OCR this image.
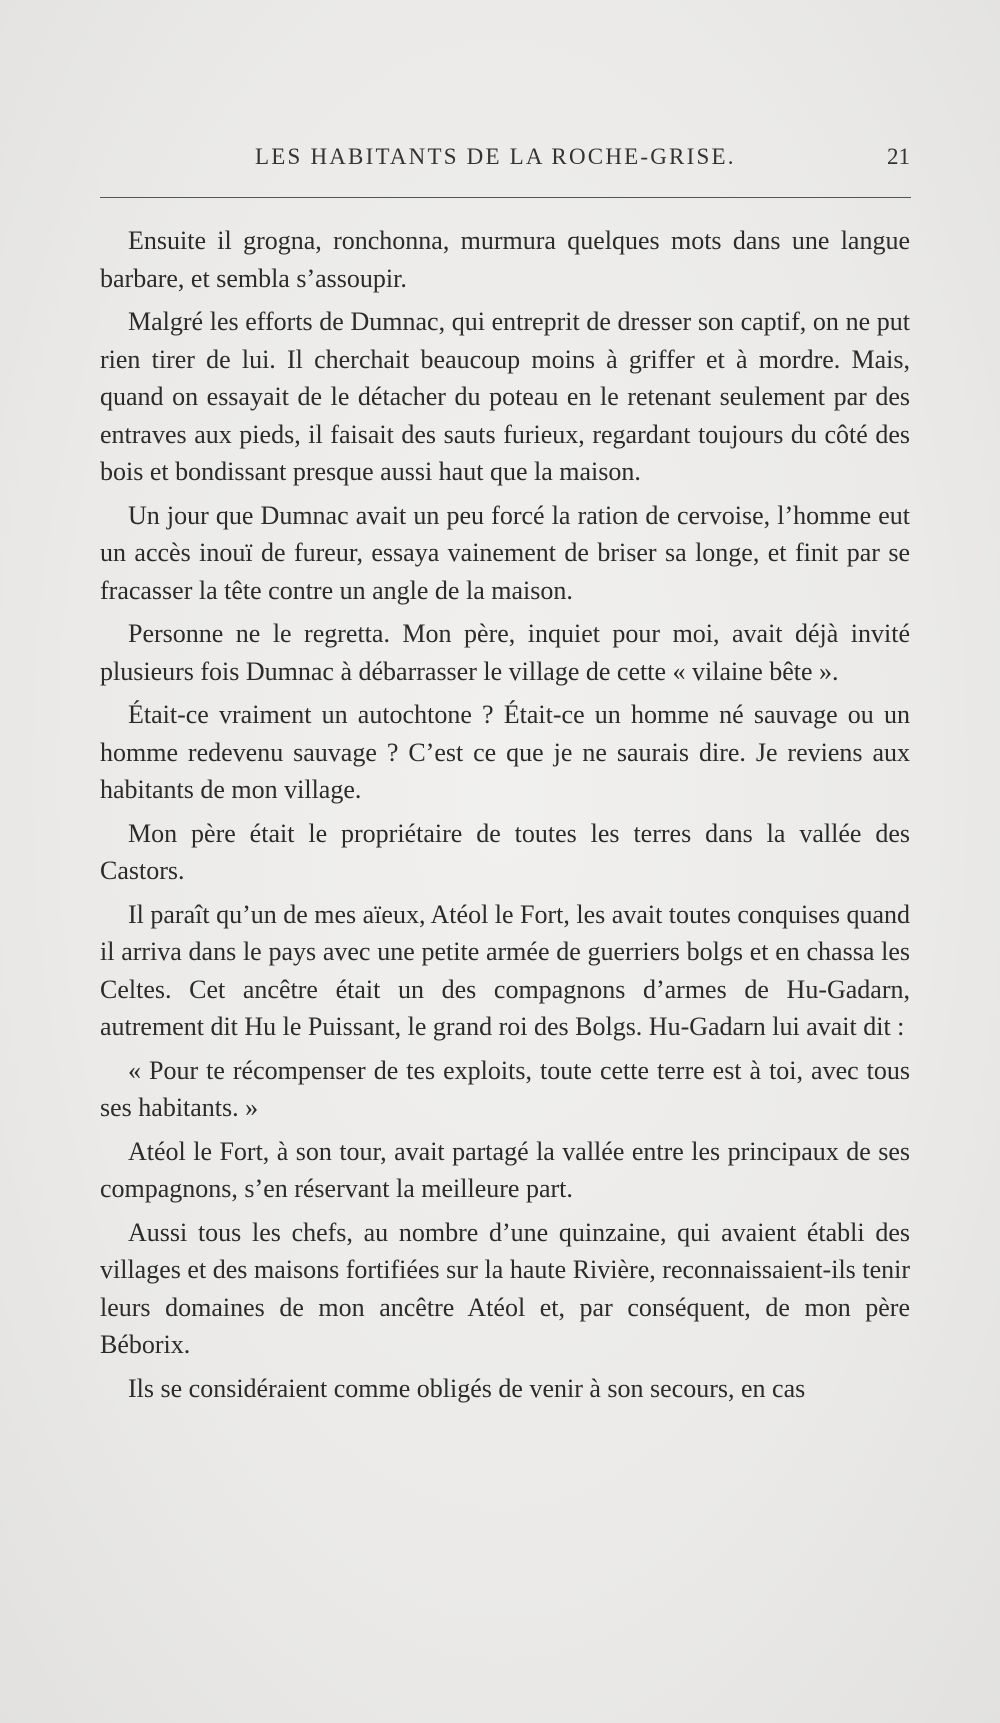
LES HABITANTS DE LA ROCHE-GRISE.	21

Ensuite il grogna, ronchonna, murmura quelques mots dans une langue barbare, et sembla s’assoupir.

Malgré les efforts de Dumnac, qui entreprit de dresser son captif, on ne put rien tirer de lui. Il cherchait beaucoup moins à griffer et à mordre. Mais, quand on essayait de le détacher du poteau en le retenant seulement par des entraves aux pieds, il faisait des sauts furieux, regardant toujours du côté des bois et bondissant presque aussi haut que la maison.

Un jour que Dumnac avait un peu forcé la ration de cervoise, l’homme eut un accès inouï de fureur, essaya vainement de briser sa longe, et finit par se fracasser la tête contre un angle de la maison.

Personne ne le regretta. Mon père, inquiet pour moi, avait déjà invité plusieurs fois Dumnac à débarrasser le village de cette « vilaine bête ».

Était-ce vraiment un autochtone ? Était-ce un homme né sauvage ou un homme redevenu sauvage ? C’est ce que je ne saurais dire. Je reviens aux habitants de mon village.

Mon père était le propriétaire de toutes les terres dans la vallée des Castors.

Il paraît qu’un de mes aïeux, Atéol le Fort, les avait toutes conquises quand il arriva dans le pays avec une petite armée de guerriers bolgs et en chassa les Celtes. Cet ancêtre était un des compagnons d’armes de Hu-Gadarn, autrement dit Hu le Puissant, le grand roi des Bolgs. Hu-Gadarn lui avait dit :

« Pour te récompenser de tes exploits, toute cette terre est à toi, avec tous ses habitants. »

Atéol le Fort, à son tour, avait partagé la vallée entre les principaux de ses compagnons, s’en réservant la meilleure part.

Aussi tous les chefs, au nombre d’une quinzaine, qui avaient établi des villages et des maisons fortifiées sur la haute Rivière, reconnaissaient-ils tenir leurs domaines de mon ancêtre Atéol et, par conséquent, de mon père Béborix.

Ils se considéraient comme obligés de venir à son secours, en cas
